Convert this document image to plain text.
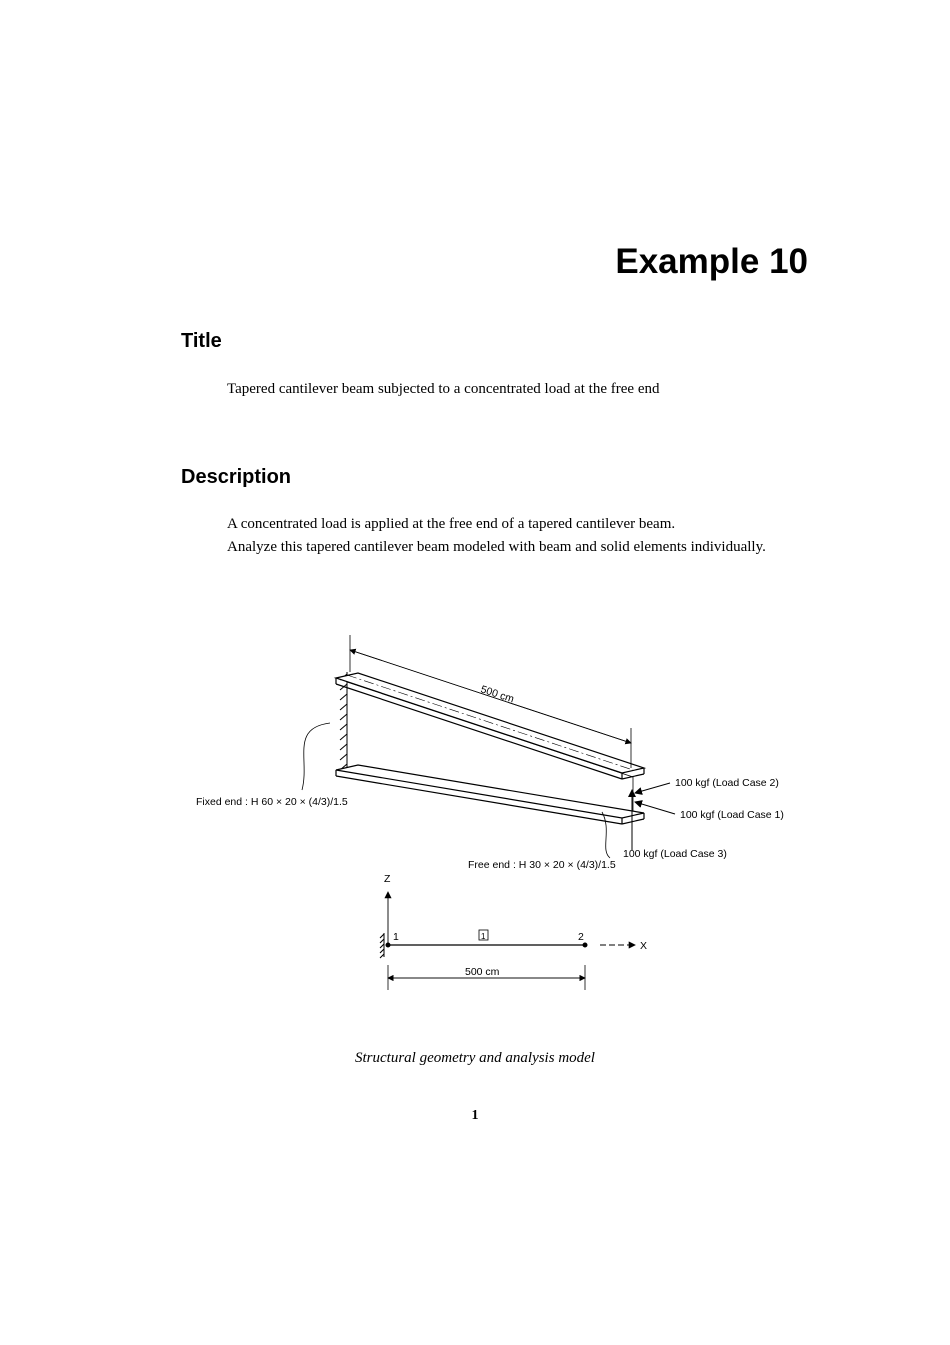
Example 10
Title

Tapered cantilever beam subjected to a concentrated load at the free end

Description

A concentrated load is applied at the free end of a tapered cantilever beam.
Analyze this tapered cantilever beam modeled with beam and solid elements individually.

500 cm
Fixed end : H 60 × 20 × (4/3)/1.5
Free end : H 30 × 20 × (4/3)/1.5
100 kgf (Load Case 2)
100 kgf (Load Case 1)
100 kgf (Load Case 3)
Z
X
1	2
1
500 cm

Structural geometry and analysis model

1
